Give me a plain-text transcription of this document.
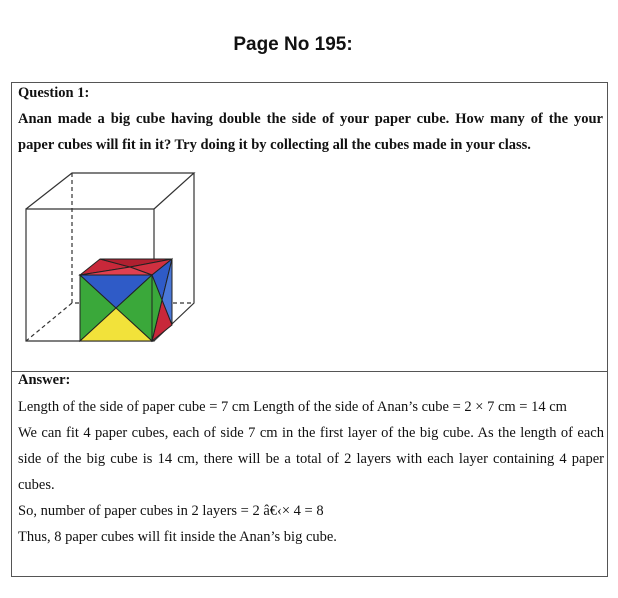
Page No 195:
Question 1:
Anan made a big cube having double the side of your paper cube. How many of the your paper cubes will fit in it? Try doing it by collecting all the cubes made in your class.
Answer:

Length of the side of paper cube = 7 cm Length of the side of Anan’s cube = 2 × 7 cm = 14 cm

We can fit 4 paper cubes, each of side 7 cm in the first layer of the big cube. As the length of each side of the big cube is 14 cm, there will be a total of 2 layers with each layer containing 4 paper cubes.

So, number of paper cubes in 2 layers = 2 â€‹× 4 = 8

Thus, 8 paper cubes will fit inside the Anan’s big cube.
